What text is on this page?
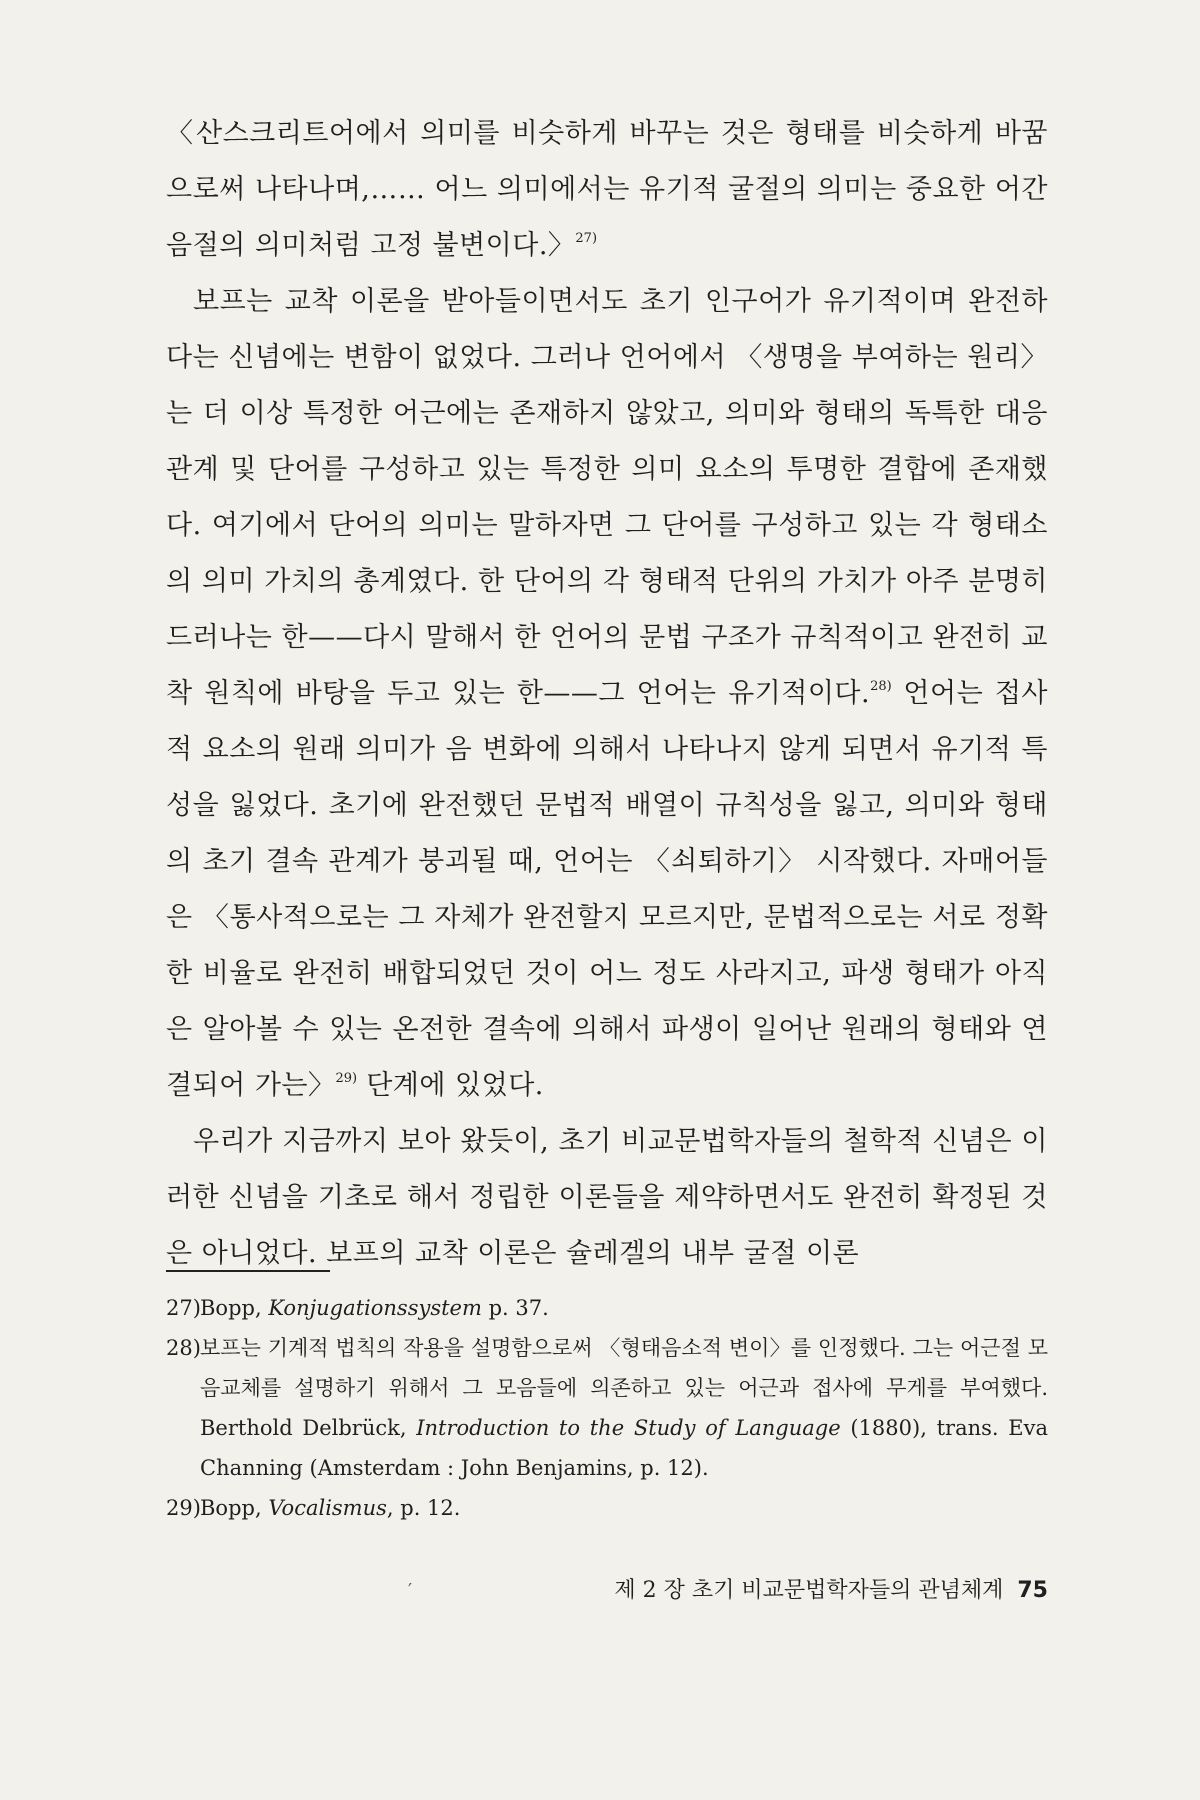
〈산스크리트어에서 의미를 비슷하게 바꾸는 것은 형태를 비슷하게 바꿈으로써 나타나며,…… 어느 의미에서는 유기적 굴절의 의미는 중요한 어간 음절의 의미처럼 고정 불변이다.〉$^{27)}$

보프는 교착 이론을 받아들이면서도 초기 인구어가 유기적이며 완전하다는 신념에는 변함이 없었다. 그러나 언어에서 〈생명을 부여하는 원리〉는 더 이상 특정한 어근에는 존재하지 않았고, 의미와 형태의 독특한 대응관계 및 단어를 구성하고 있는 특정한 의미 요소의 투명한 결합에 존재했다. 여기에서 단어의 의미는 말하자면 그 단어를 구성하고 있는 각 형태소의 의미 가치의 총계였다. 한 단어의 각 형태적 단위의 가치가 아주 분명히 드러나는 한——다시 말해서 한 언어의 문법 구조가 규칙적이고 완전히 교착 원칙에 바탕을 두고 있는 한——그 언어는 유기적이다.$^{28)}$ 언어는 접사적 요소의 원래 의미가 음 변화에 의해서 나타나지 않게 되면서 유기적 특성을 잃었다. 초기에 완전했던 문법적 배열이 규칙성을 잃고, 의미와 형태의 초기 결속 관계가 붕괴될 때, 언어는 〈쇠퇴하기〉 시작했다. 자매어들은 〈통사적으로는 그 자체가 완전할지 모르지만, 문법적으로는 서로 정확한 비율로 완전히 배합되었던 것이 어느 정도 사라지고, 파생 형태가 아직은 알아볼 수 있는 온전한 결속에 의해서 파생이 일어난 원래의 형태와 연결되어 가는〉$^{29)}$ 단계에 있었다.

우리가 지금까지 보아 왔듯이, 초기 비교문법학자들의 철학적 신념은 이러한 신념을 기초로 해서 정립한 이론들을 제약하면서도 완전히 확정된 것은 아니었다. 보프의 교착 이론은 슐레겔의 내부 굴절 이론

27) Bopp, Konjugationssystem p. 37.
28) 보프는 기계적 법칙의 작용을 설명함으로써 〈형태음소적 변이〉를 인정했다. 그는 어근절 모음교체를 설명하기 위해서 그 모음들에 의존하고 있는 어근과 접사에 무게를 부여했다. Berthold Delbrück, Introduction to the Study of Language (1880), trans. Eva Channing (Amsterdam : John Benjamins, p. 12).
29) Bopp, Vocalismus, p. 12.
′	제 2 장 초기 비교문법학자들의 관념체계 75
